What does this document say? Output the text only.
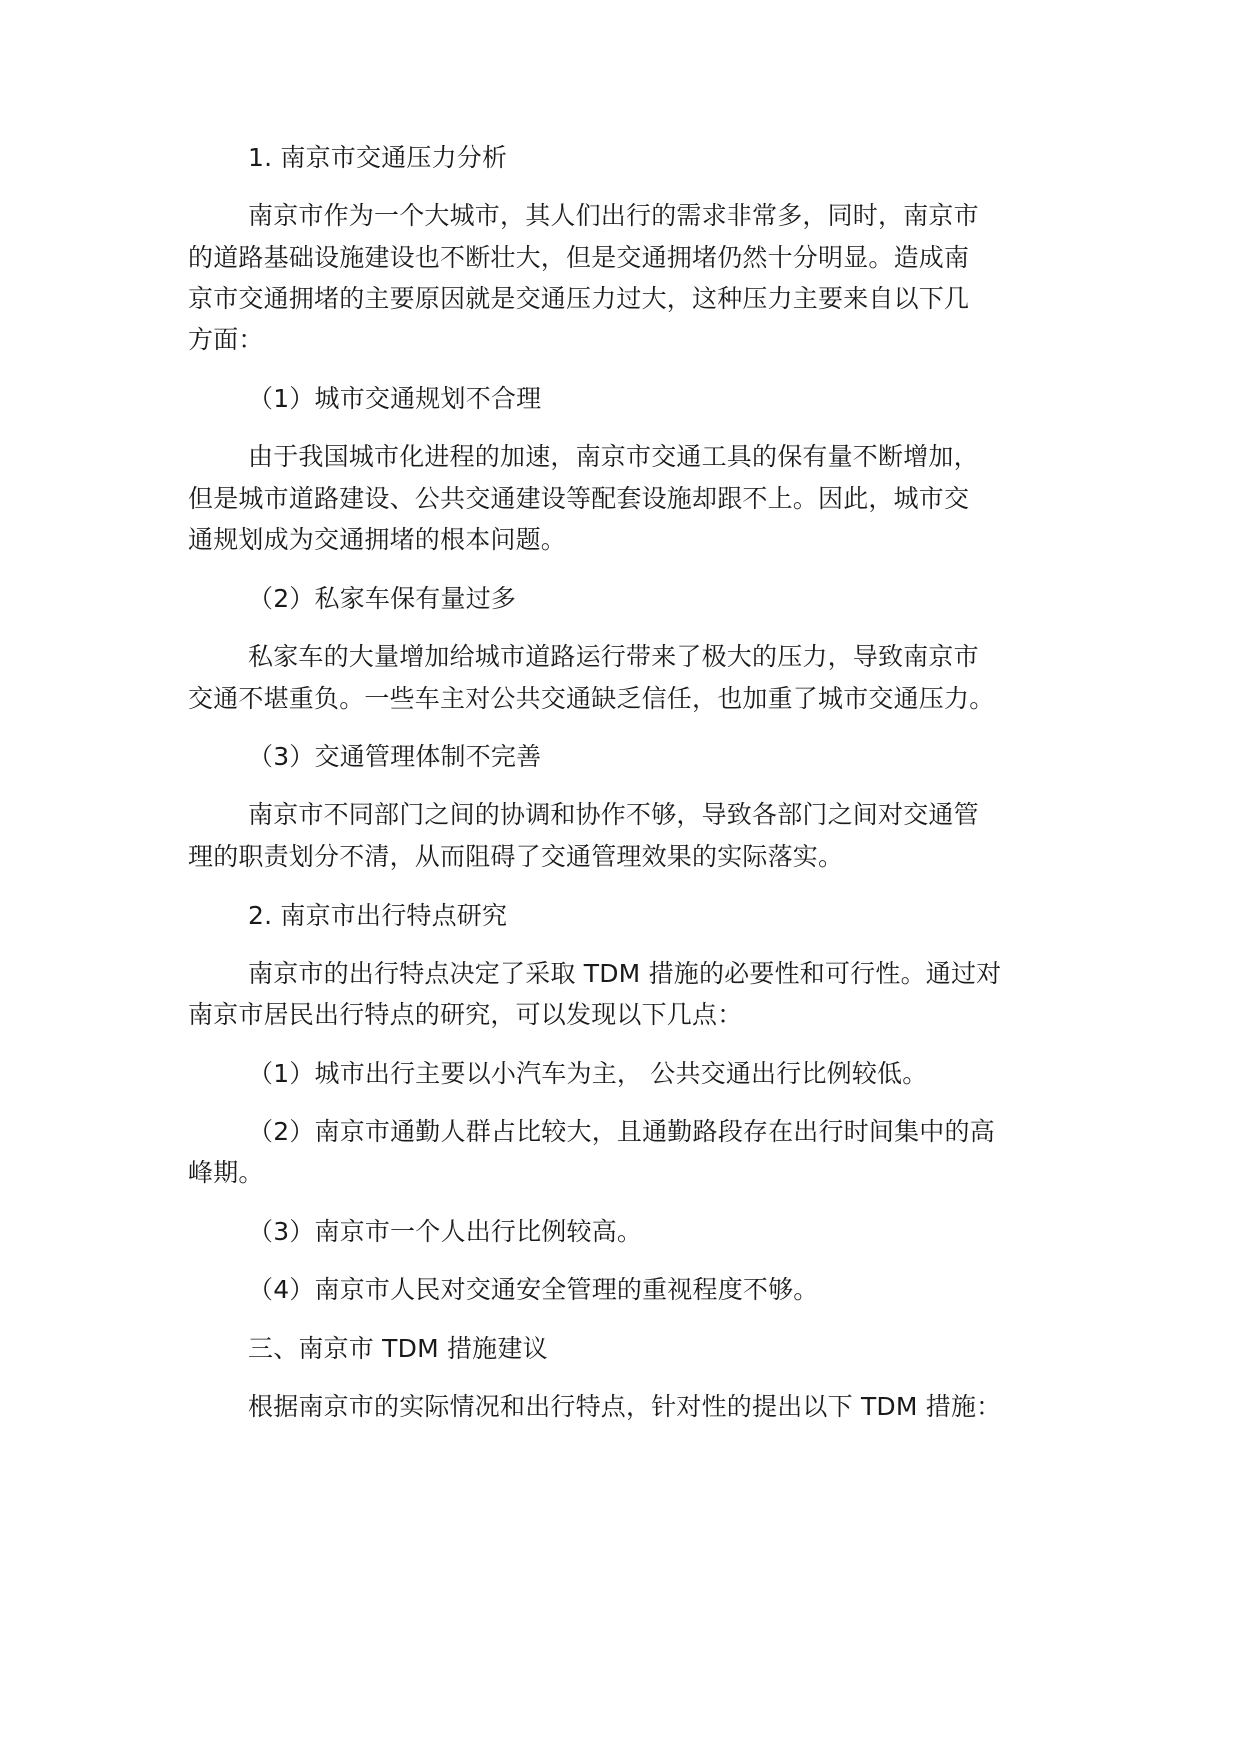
1. 南京市交通压力分析
南京市作为一个大城市，其人们出行的需求非常多，同时，南京市
的道路基础设施建设也不断壮大，但是交通拥堵仍然十分明显。造成南
京市交通拥堵的主要原因就是交通压力过大，这种压力主要来自以下几
方面：
（1）城市交通规划不合理
由于我国城市化进程的加速，南京市交通工具的保有量不断增加，
但是城市道路建设、公共交通建设等配套设施却跟不上。因此，城市交
通规划成为交通拥堵的根本问题。
（2）私家车保有量过多
私家车的大量增加给城市道路运行带来了极大的压力，导致南京市
交通不堪重负。一些车主对公共交通缺乏信任，也加重了城市交通压力。
（3）交通管理体制不完善
南京市不同部门之间的协调和协作不够，导致各部门之间对交通管
理的职责划分不清，从而阻碍了交通管理效果的实际落实。
2. 南京市出行特点研究
南京市的出行特点决定了采取 TDM 措施的必要性和可行性。通过对
南京市居民出行特点的研究，可以发现以下几点：
（1）城市出行主要以小汽车为主， 公共交通出行比例较低。
（2）南京市通勤人群占比较大，且通勤路段存在出行时间集中的高
峰期。
（3）南京市一个人出行比例较高。
（4）南京市人民对交通安全管理的重视程度不够。
三、南京市 TDM 措施建议
根据南京市的实际情况和出行特点，针对性的提出以下 TDM 措施：
